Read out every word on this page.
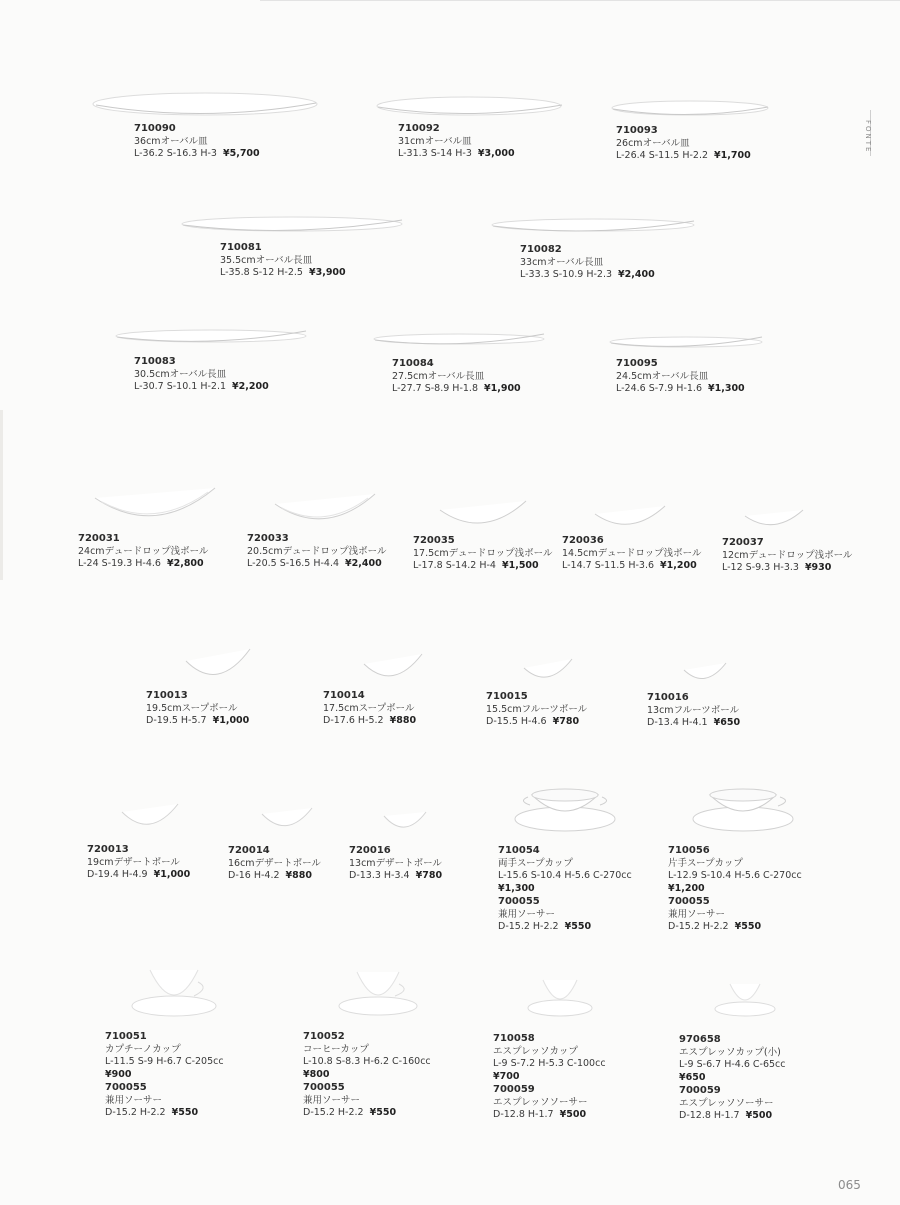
FONTE
710090
36cmオーバル皿
L-36.2 S-16.3 H-3 ¥5,700
710092
31cmオーバル皿
L-31.3 S-14 H-3 ¥3,000
710093
26cmオーバル皿
L-26.4 S-11.5 H-2.2 ¥1,700
710081
35.5cmオーバル長皿
L-35.8 S-12 H-2.5 ¥3,900
710082
33cmオーバル長皿
L-33.3 S-10.9 H-2.3 ¥2,400
710083
30.5cmオーバル長皿
L-30.7 S-10.1 H-2.1 ¥2,200
710084
27.5cmオーバル長皿
L-27.7 S-8.9 H-1.8 ¥1,900
710095
24.5cmオーバル長皿
L-24.6 S-7.9 H-1.6 ¥1,300
720031
24cmデュードロップ浅ボール
L-24 S-19.3 H-4.6 ¥2,800
720033
20.5cmデュードロップ浅ボール
L-20.5 S-16.5 H-4.4 ¥2,400
720035
17.5cmデュードロップ浅ボール
L-17.8 S-14.2 H-4 ¥1,500
720036
14.5cmデュードロップ浅ボール
L-14.7 S-11.5 H-3.6 ¥1,200
720037
12cmデュードロップ浅ボール
L-12 S-9.3 H-3.3 ¥930
710013
19.5cmスープボール
D-19.5 H-5.7 ¥1,000
710014
17.5cmスープボール
D-17.6 H-5.2 ¥880
710015
15.5cmフルーツボール
D-15.5 H-4.6 ¥780
710016
13cmフルーツボール
D-13.4 H-4.1 ¥650
720013
19cmデザートボール
D-19.4 H-4.9 ¥1,000
720014
16cmデザートボール
D-16 H-4.2 ¥880
720016
13cmデザートボール
D-13.3 H-3.4 ¥780
710054
両手スープカップ
L-15.6 S-10.4 H-5.6 C-270cc
¥1,300
700055
兼用ソーサー
D-15.2 H-2.2 ¥550
710056
片手スープカップ
L-12.9 S-10.4 H-5.6 C-270cc
¥1,200
700055
兼用ソーサー
D-15.2 H-2.2 ¥550
710051
カプチーノカップ
L-11.5 S-9 H-6.7 C-205cc
¥900
700055
兼用ソーサー
D-15.2 H-2.2 ¥550
710052
コーヒーカップ
L-10.8 S-8.3 H-6.2 C-160cc
¥800
700055
兼用ソーサー
D-15.2 H-2.2 ¥550
710058
エスプレッソカップ
L-9 S-7.2 H-5.3 C-100cc
¥700
700059
エスプレッソソーサー
D-12.8 H-1.7 ¥500
970658
エスプレッソカップ(小)
L-9 S-6.7 H-4.6 C-65cc
¥650
700059
エスプレッソソーサー
D-12.8 H-1.7 ¥500
065
